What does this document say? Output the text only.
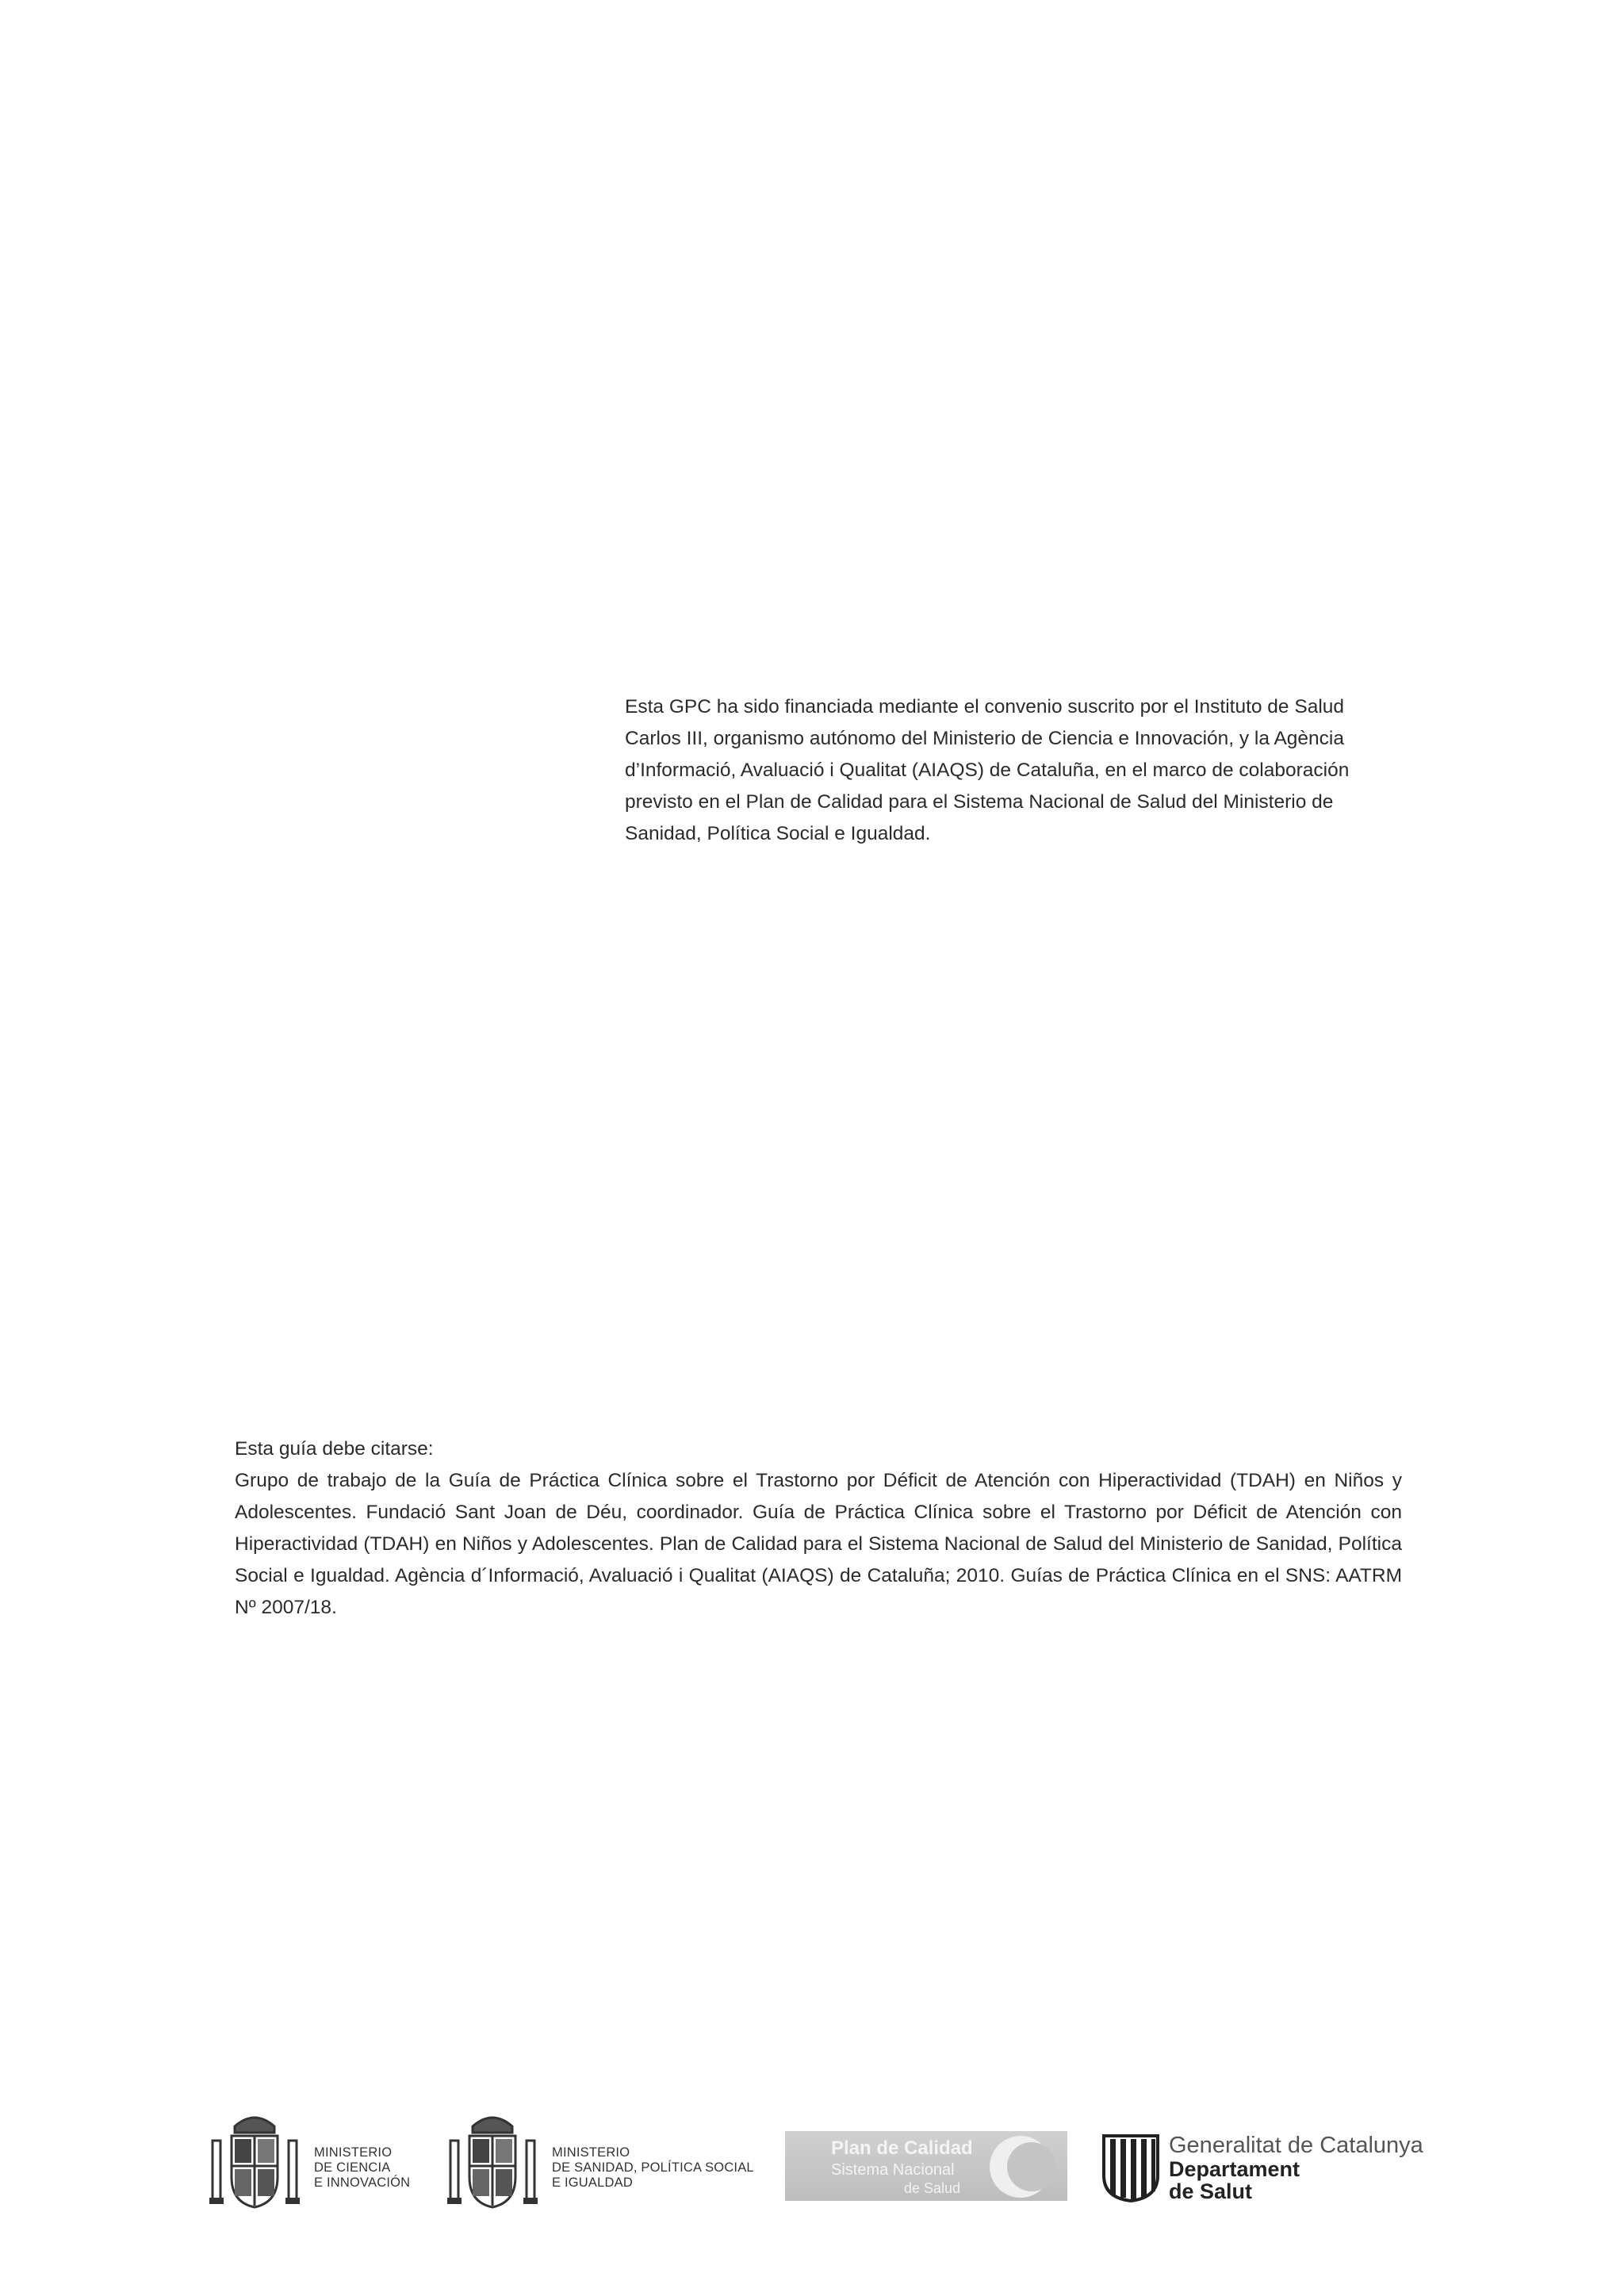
Esta GPC ha sido financiada mediante el convenio suscrito por el Instituto de Salud
Carlos III, organismo autónomo del Ministerio de Ciencia e Innovación, y la Agència
d’Informació, Avaluació i Qualitat (AIAQS) de Cataluña, en el marco de colaboración
previsto en el Plan de Calidad para el Sistema Nacional de Salud del Ministerio de
Sanidad, Política Social e Igualdad.
Esta guía debe citarse:
Grupo de trabajo de la Guía de Práctica Clínica sobre el Trastorno por Déficit de Atención con Hiperactividad (TDAH) en Niños y Adolescentes. Fundació Sant Joan de Déu, coordinador. Guía de Práctica Clínica sobre el Trastorno por Déficit de Atención con Hiperactividad (TDAH) en Niños y Adolescentes. Plan de Calidad para el Sistema Nacional de Salud del Ministerio de Sanidad, Política Social e Igualdad. Agència d´Informació, Avaluació i Qualitat (AIAQS) de Cataluña; 2010. Guías de Práctica Clínica en el SNS: AATRM Nº 2007/18.
MINISTERIO
DE CIENCIA
E INNOVACIÓN
MINISTERIO
DE SANIDAD, POLÍTICA SOCIAL
E IGUALDAD
Plan de Calidad
Sistema Nacional
de Salud
Generalitat de Catalunya
Departament
de Salut
